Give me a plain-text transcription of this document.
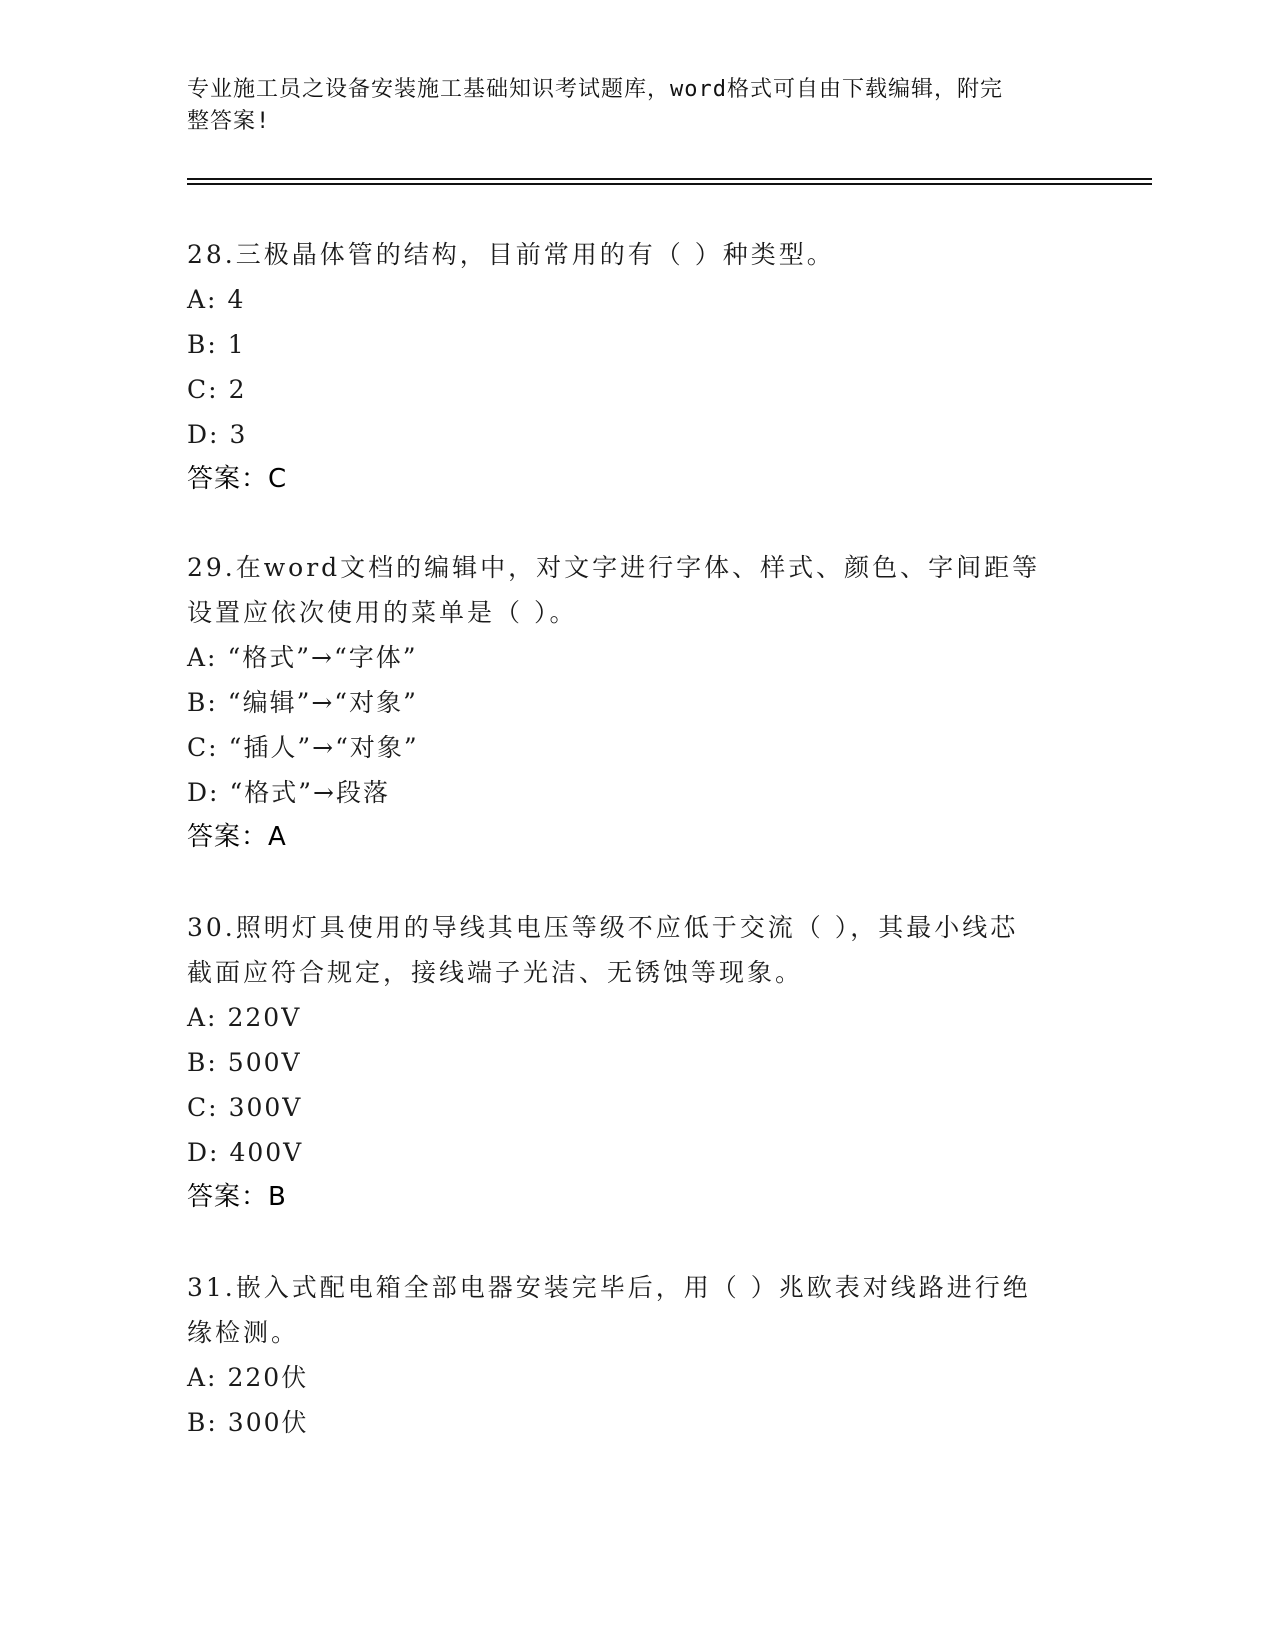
专业施工员之设备安装施工基础知识考试题库，word格式可自由下载编辑，附完
整答案!

28.三极晶体管的结构，目前常用的有（ ）种类型。

A: 4

B: 1

C: 2

D: 3

答案：C

29.在word文档的编辑中，对文字进行字体、样式、颜色、字间距等

设置应依次使用的菜单是（ ）。

A: “格式”→“字体”

B: “编辑”→“对象”

C: “插人”→“对象”

D: “格式”→段落

答案：A

30.照明灯具使用的导线其电压等级不应低于交流（ ），其最小线芯

截面应符合规定，接线端子光洁、无锈蚀等现象。

A: 220V

B: 500V

C: 300V

D: 400V

答案：B

31.嵌入式配电箱全部电器安装完毕后，用（ ）兆欧表对线路进行绝

缘检测。

A: 220伏

B: 300伏
